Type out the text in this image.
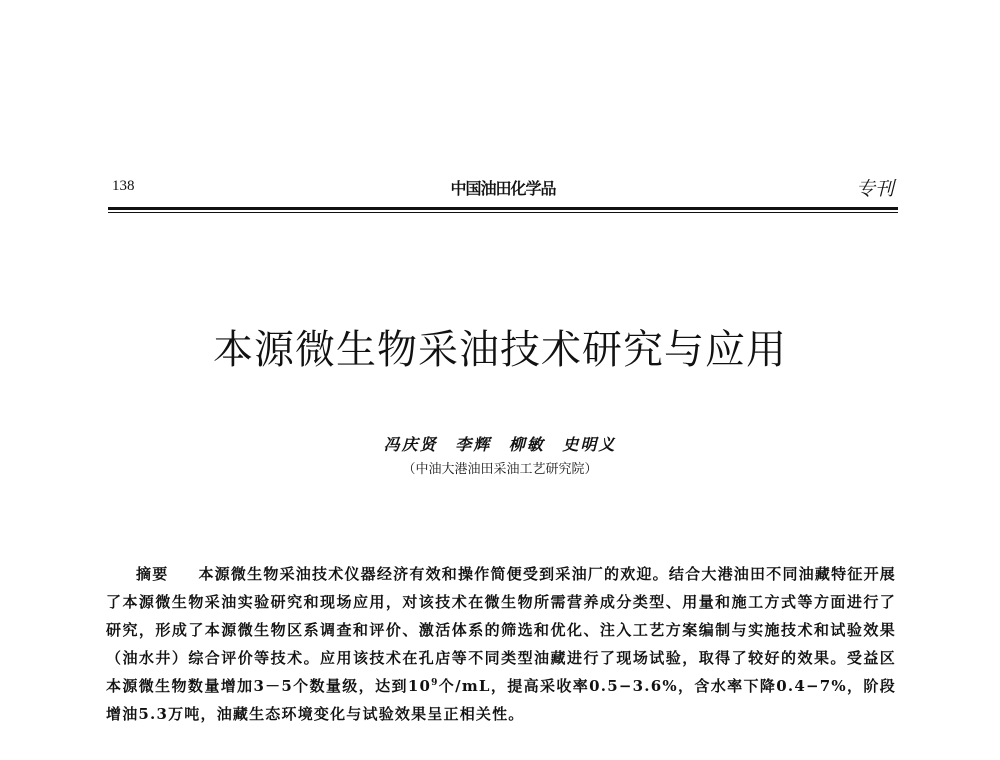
138	中国油田化学品	专刊
本源微生物采油技术研究与应用
冯庆贤 李辉 柳敏 史明义
（中油大港油田采油工艺研究院）

摘要 本源微生物采油技术仪器经济有效和操作简便受到采油厂的欢迎。结合大港油田不同油藏特征开展了本源微生物采油实验研究和现场应用，对该技术在微生物所需营养成分类型、用量和施工方式等方面进行了研究，形成了本源微生物区系调查和评价、激活体系的筛选和优化、注入工艺方案编制与实施技术和试验效果（油水井）综合评价等技术。应用该技术在孔店等不同类型油藏进行了现场试验，取得了较好的效果。受益区本源微生物数量增加3－5个数量级，达到$10^9$个/mL，提高采收率0.5−3.6%，含水率下降0.4−7%，阶段增油5.3万吨，油藏生态环境变化与试验效果呈正相关性。
